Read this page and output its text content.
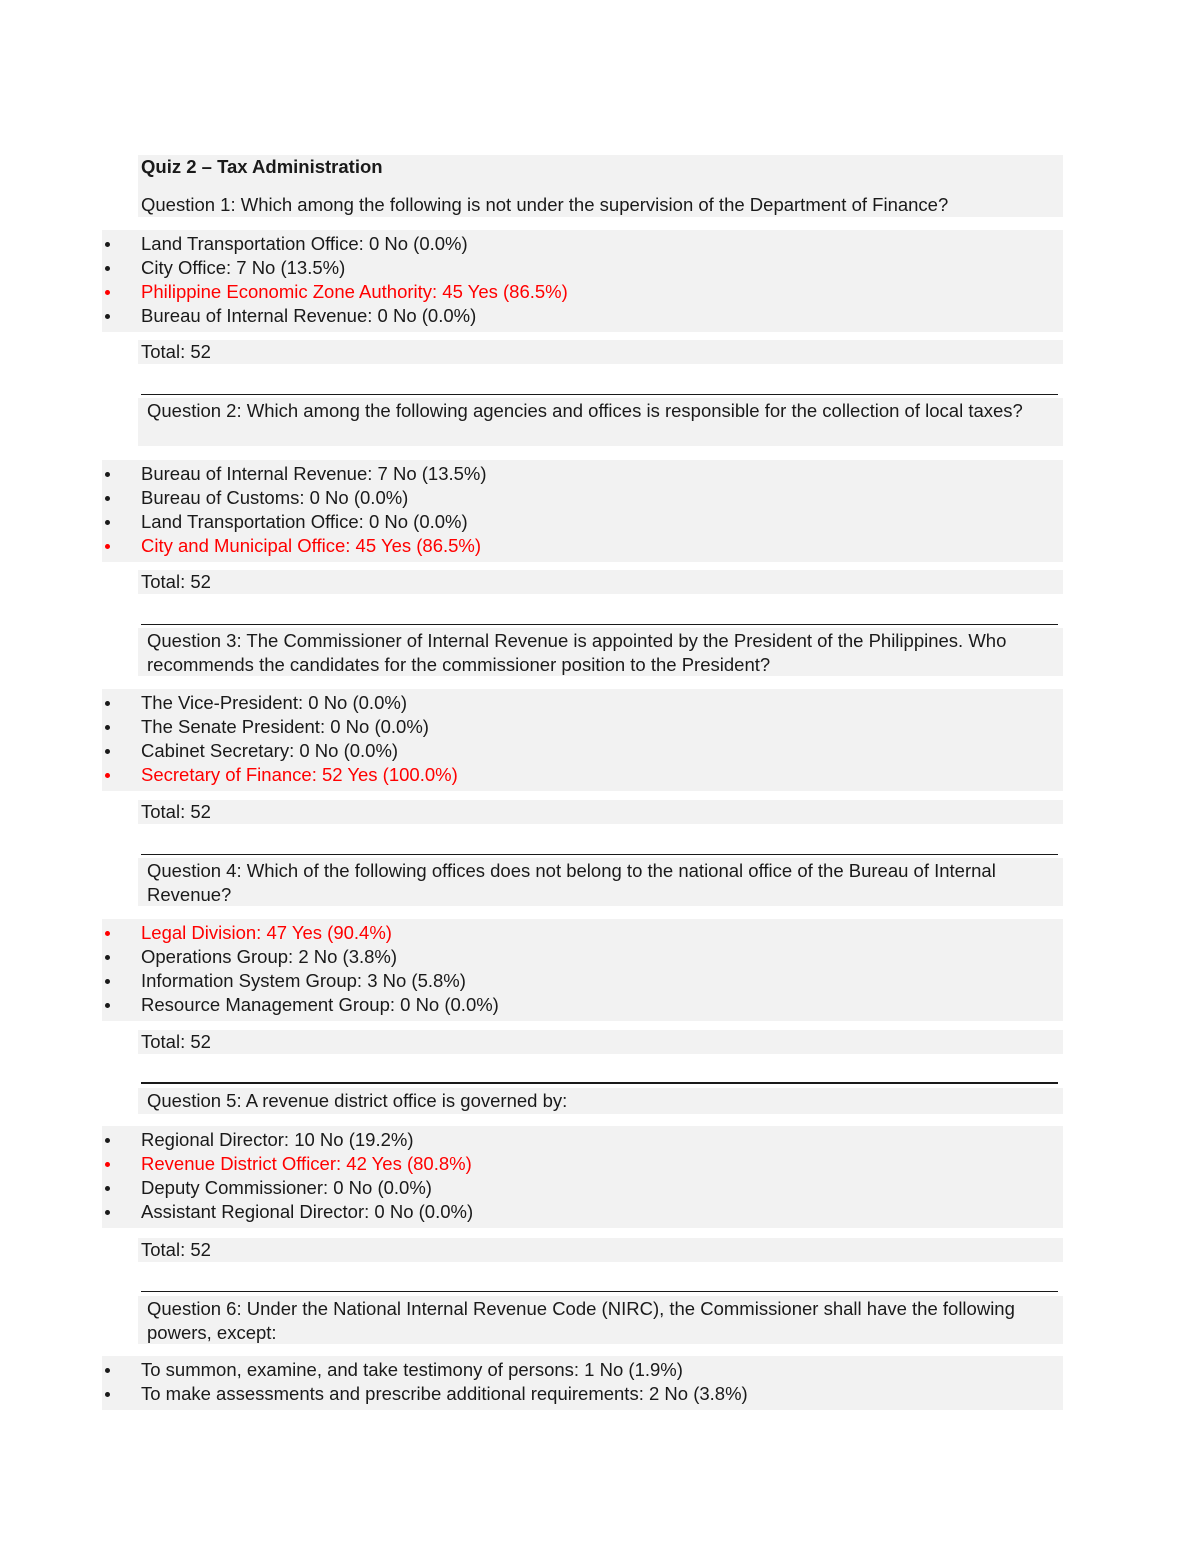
Quiz 2 – Tax Administration
Question 1: Which among the following is not under the supervision of the Department of Finance?
Land Transportation Office: 0 No (0.0%)
City Office: 7 No (13.5%)
Philippine Economic Zone Authority: 45 Yes (86.5%)
Bureau of Internal Revenue: 0 No (0.0%)
Total: 52
Question 2: Which among the following agencies and offices is responsible for the collection of local taxes?
Bureau of Internal Revenue: 7 No (13.5%)
Bureau of Customs: 0 No (0.0%)
Land Transportation Office: 0 No (0.0%)
City and Municipal Office: 45 Yes (86.5%)
Total: 52
Question 3: The Commissioner of Internal Revenue is appointed by the President of the Philippines. Who recommends the candidates for the commissioner position to the President?
The Vice-President: 0 No (0.0%)
The Senate President: 0 No (0.0%)
Cabinet Secretary: 0 No (0.0%)
Secretary of Finance: 52 Yes (100.0%)
Total: 52
Question 4: Which of the following offices does not belong to the national office of the Bureau of Internal Revenue?
Legal Division: 47 Yes (90.4%)
Operations Group: 2 No (3.8%)
Information System Group: 3 No (5.8%)
Resource Management Group: 0 No (0.0%)
Total: 52
Question 5: A revenue district office is governed by:
Regional Director: 10 No (19.2%)
Revenue District Officer: 42 Yes (80.8%)
Deputy Commissioner: 0 No (0.0%)
Assistant Regional Director: 0 No (0.0%)
Total: 52
Question 6: Under the National Internal Revenue Code (NIRC), the Commissioner shall have the following powers, except:
To summon, examine, and take testimony of persons: 1 No (1.9%)
To make assessments and prescribe additional requirements: 2 No (3.8%)
